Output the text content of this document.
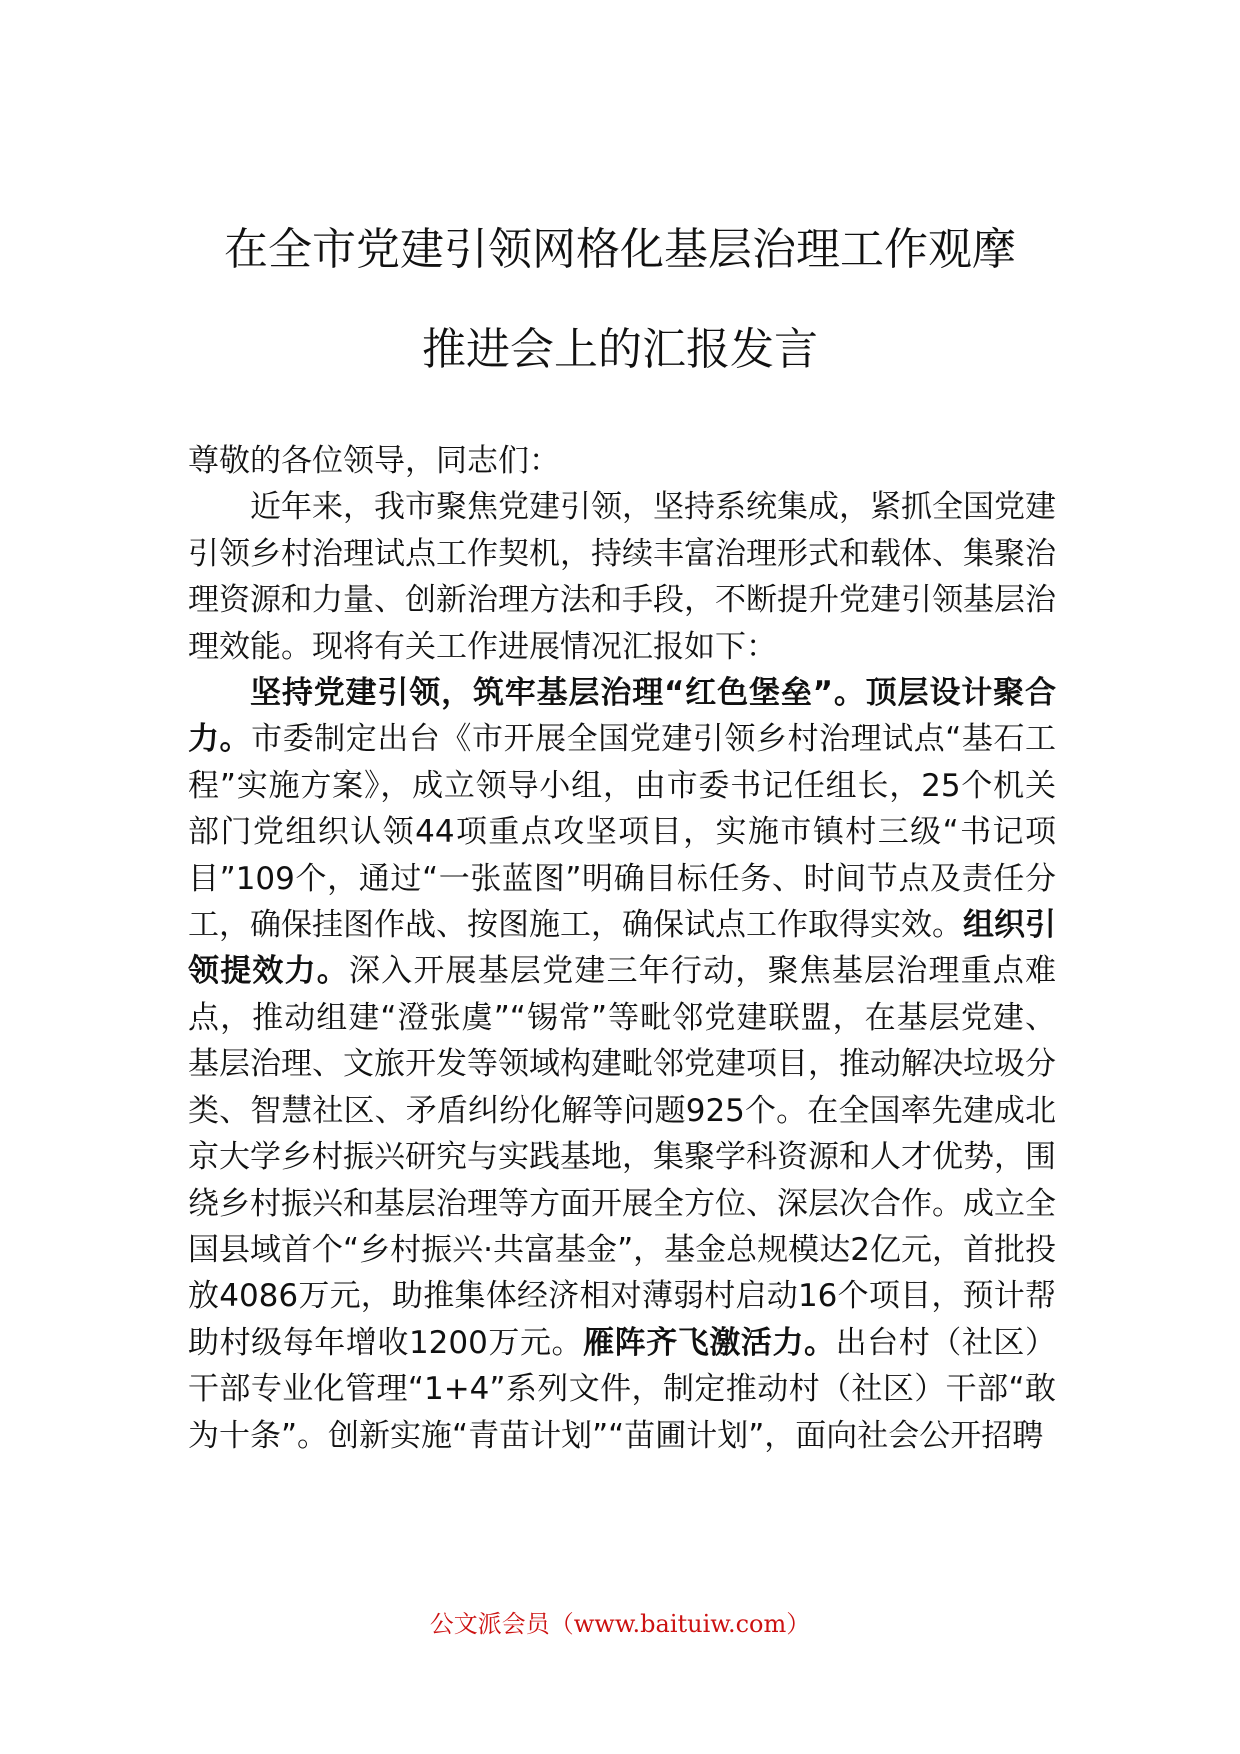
在全市党建引领网格化基层治理工作观摩
推进会上的汇报发言

尊敬的各位领导，同志们：

近年来，我市聚焦党建引领，坚持系统集成，紧抓全国党建引领乡村治理试点工作契机，持续丰富治理形式和载体、集聚治理资源和力量、创新治理方法和手段，不断提升党建引领基层治理效能。现将有关工作进展情况汇报如下：

坚持党建引领，筑牢基层治理“红色堡垒”。顶层设计聚合力。市委制定出台《市开展全国党建引领乡村治理试点“基石工程”实施方案》，成立领导小组，由市委书记任组长，25个机关部门党组织认领44项重点攻坚项目，实施市镇村三级“书记项目”109个，通过“一张蓝图”明确目标任务、时间节点及责任分工，确保挂图作战、按图施工，确保试点工作取得实效。组织引领提效力。深入开展基层党建三年行动，聚焦基层治理重点难点，推动组建“澄张虞”“锡常”等毗邻党建联盟，在基层党建、基层治理、文旅开发等领域构建毗邻党建项目，推动解决垃圾分类、智慧社区、矛盾纠纷化解等问题925个。在全国率先建成北京大学乡村振兴研究与实践基地，集聚学科资源和人才优势，围绕乡村振兴和基层治理等方面开展全方位、深层次合作。成立全国县域首个“乡村振兴·共富基金”，基金总规模达2亿元，首批投放4086万元，助推集体经济相对薄弱村启动16个项目，预计帮助村级每年增收1200万元。雁阵齐飞激活力。出台村（社区）干部专业化管理“1+4”系列文件，制定推动村（社区）干部“敢为十条”。创新实施“青苗计划”“苗圃计划”，面向社会公开招聘

公文派会员（www.baituiw.com）
